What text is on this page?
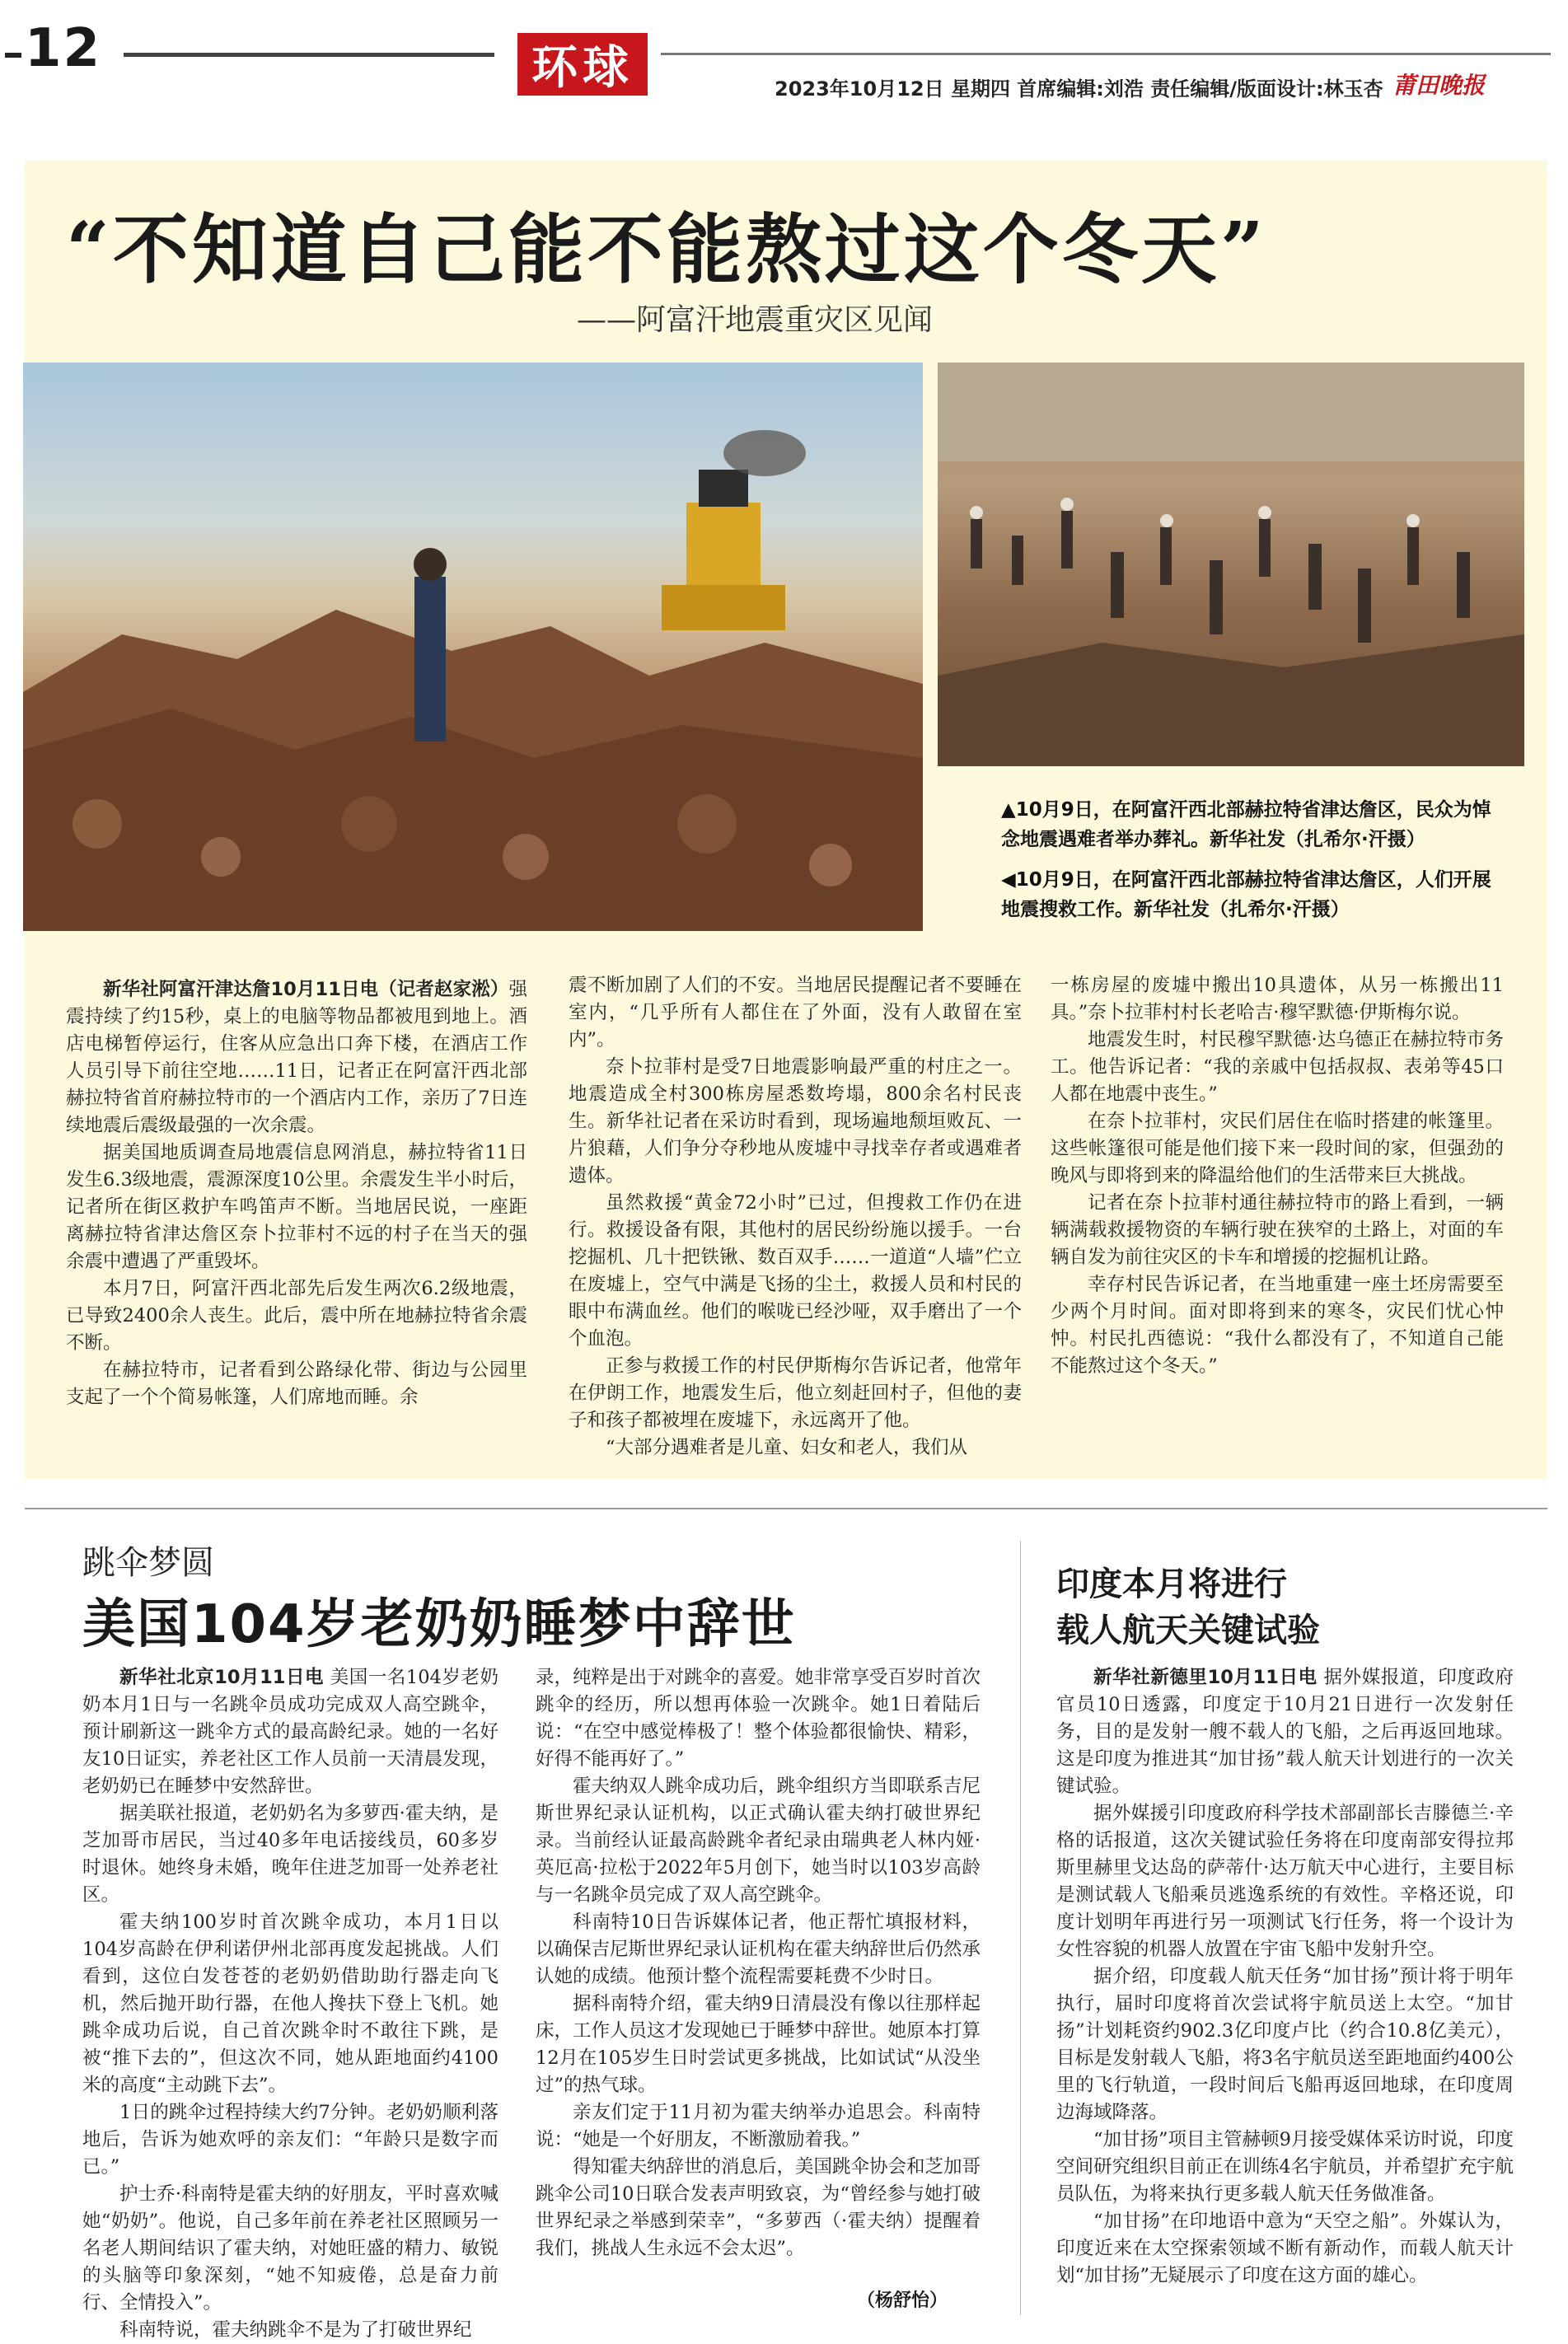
12	环球	2023年10月12日 星期四 首席编辑:刘浩 责任编辑/版面设计:林玉杏 莆田晚报
“不知道自己能不能熬过这个冬天”
——阿富汗地震重灾区见闻
▲10月9日，在阿富汗西北部赫拉特省津达詹区，民众为悼念地震遇难者举办葬礼。新华社发（扎希尔·汗摄）
◀10月9日，在阿富汗西北部赫拉特省津达詹区，人们开展地震搜救工作。新华社发（扎希尔·汗摄）

新华社阿富汗津达詹10月11日电（记者赵家淞）强震持续了约15秒，桌上的电脑等物品都被甩到地上。酒店电梯暂停运行，住客从应急出口奔下楼，在酒店工作人员引导下前往空地……11日，记者正在阿富汗西北部赫拉特省首府赫拉特市的一个酒店内工作，亲历了7日连续地震后震级最强的一次余震。

据美国地质调查局地震信息网消息，赫拉特省11日发生6.3级地震，震源深度10公里。余震发生半小时后，记者所在街区救护车鸣笛声不断。当地居民说，一座距离赫拉特省津达詹区奈卜拉菲村不远的村子在当天的强余震中遭遇了严重毁坏。

本月7日，阿富汗西北部先后发生两次6.2级地震，已导致2400余人丧生。此后，震中所在地赫拉特省余震不断。

在赫拉特市，记者看到公路绿化带、街边与公园里支起了一个个简易帐篷，人们席地而睡。余

震不断加剧了人们的不安。当地居民提醒记者不要睡在室内，“几乎所有人都住在了外面，没有人敢留在室内”。

奈卜拉菲村是受7日地震影响最严重的村庄之一。地震造成全村300栋房屋悉数垮塌，800余名村民丧生。新华社记者在采访时看到，现场遍地颓垣败瓦、一片狼藉，人们争分夺秒地从废墟中寻找幸存者或遇难者遗体。

虽然救援“黄金72小时”已过，但搜救工作仍在进行。救援设备有限，其他村的居民纷纷施以援手。一台挖掘机、几十把铁锹、数百双手……一道道“人墙”伫立在废墟上，空气中满是飞扬的尘土，救援人员和村民的眼中布满血丝。他们的喉咙已经沙哑，双手磨出了一个个血泡。

正参与救援工作的村民伊斯梅尔告诉记者，他常年在伊朗工作，地震发生后，他立刻赶回村子，但他的妻子和孩子都被埋在废墟下，永远离开了他。

“大部分遇难者是儿童、妇女和老人，我们从

一栋房屋的废墟中搬出10具遗体，从另一栋搬出11具。”奈卜拉菲村村长老哈吉·穆罕默德·伊斯梅尔说。

地震发生时，村民穆罕默德·达乌德正在赫拉特市务工。他告诉记者：“我的亲戚中包括叔叔、表弟等45口人都在地震中丧生。”

在奈卜拉菲村，灾民们居住在临时搭建的帐篷里。这些帐篷很可能是他们接下来一段时间的家，但强劲的晚风与即将到来的降温给他们的生活带来巨大挑战。

记者在奈卜拉菲村通往赫拉特市的路上看到，一辆辆满载救援物资的车辆行驶在狭窄的土路上，对面的车辆自发为前往灾区的卡车和增援的挖掘机让路。

幸存村民告诉记者，在当地重建一座土坯房需要至少两个月时间。面对即将到来的寒冬，灾民们忧心忡忡。村民扎西德说：“我什么都没有了，不知道自己能不能熬过这个冬天。”

跳伞梦圆
美国104岁老奶奶睡梦中辞世

新华社北京10月11日电 美国一名104岁老奶奶本月1日与一名跳伞员成功完成双人高空跳伞，预计刷新这一跳伞方式的最高龄纪录。她的一名好友10日证实，养老社区工作人员前一天清晨发现，老奶奶已在睡梦中安然辞世。

据美联社报道，老奶奶名为多萝西·霍夫纳，是芝加哥市居民，当过40多年电话接线员，60多岁时退休。她终身未婚，晚年住进芝加哥一处养老社区。

霍夫纳100岁时首次跳伞成功，本月1日以104岁高龄在伊利诺伊州北部再度发起挑战。人们看到，这位白发苍苍的老奶奶借助助行器走向飞机，然后抛开助行器，在他人搀扶下登上飞机。她跳伞成功后说，自己首次跳伞时不敢往下跳，是被“推下去的”，但这次不同，她从距地面约4100米的高度“主动跳下去”。

1日的跳伞过程持续大约7分钟。老奶奶顺利落地后，告诉为她欢呼的亲友们：“年龄只是数字而已。”

护士乔·科南特是霍夫纳的好朋友，平时喜欢喊她“奶奶”。他说，自己多年前在养老社区照顾另一名老人期间结识了霍夫纳，对她旺盛的精力、敏锐的头脑等印象深刻，“她不知疲倦，总是奋力前行、全情投入”。

科南特说，霍夫纳跳伞不是为了打破世界纪

录，纯粹是出于对跳伞的喜爱。她非常享受百岁时首次跳伞的经历，所以想再体验一次跳伞。她1日着陆后说：“在空中感觉棒极了！整个体验都很愉快、精彩，好得不能再好了。”

霍夫纳双人跳伞成功后，跳伞组织方当即联系吉尼斯世界纪录认证机构，以正式确认霍夫纳打破世界纪录。当前经认证最高龄跳伞者纪录由瑞典老人林内娅·英厄高·拉松于2022年5月创下，她当时以103岁高龄与一名跳伞员完成了双人高空跳伞。

科南特10日告诉媒体记者，他正帮忙填报材料，以确保吉尼斯世界纪录认证机构在霍夫纳辞世后仍然承认她的成绩。他预计整个流程需要耗费不少时日。

据科南特介绍，霍夫纳9日清晨没有像以往那样起床，工作人员这才发现她已于睡梦中辞世。她原本打算12月在105岁生日时尝试更多挑战，比如试试“从没坐过”的热气球。

亲友们定于11月初为霍夫纳举办追思会。科南特说：“她是一个好朋友，不断激励着我。”

得知霍夫纳辞世的消息后，美国跳伞协会和芝加哥跳伞公司10日联合发表声明致哀，为“曾经参与她打破世界纪录之举感到荣幸”，“多萝西（·霍夫纳）提醒着我们，挑战人生永远不会太迟”。

（杨舒怡）
印度本月将进行
载人航天关键试验

新华社新德里10月11日电 据外媒报道，印度政府官员10日透露，印度定于10月21日进行一次发射任务，目的是发射一艘不载人的飞船，之后再返回地球。这是印度为推进其“加甘扬”载人航天计划进行的一次关键试验。

据外媒援引印度政府科学技术部副部长吉滕德兰·辛格的话报道，这次关键试验任务将在印度南部安得拉邦斯里赫里戈达岛的萨蒂什·达万航天中心进行，主要目标是测试载人飞船乘员逃逸系统的有效性。辛格还说，印度计划明年再进行另一项测试飞行任务，将一个设计为女性容貌的机器人放置在宇宙飞船中发射升空。

据介绍，印度载人航天任务“加甘扬”预计将于明年执行，届时印度将首次尝试将宇航员送上太空。“加甘扬”计划耗资约902.3亿印度卢比（约合10.8亿美元），目标是发射载人飞船，将3名宇航员送至距地面约400公里的飞行轨道，一段时间后飞船再返回地球，在印度周边海域降落。

“加甘扬”项目主管赫顿9月接受媒体采访时说，印度空间研究组织目前正在训练4名宇航员，并希望扩充宇航员队伍，为将来执行更多载人航天任务做准备。

“加甘扬”在印地语中意为“天空之船”。外媒认为，印度近来在太空探索领域不断有新动作，而载人航天计划“加甘扬”无疑展示了印度在这方面的雄心。
